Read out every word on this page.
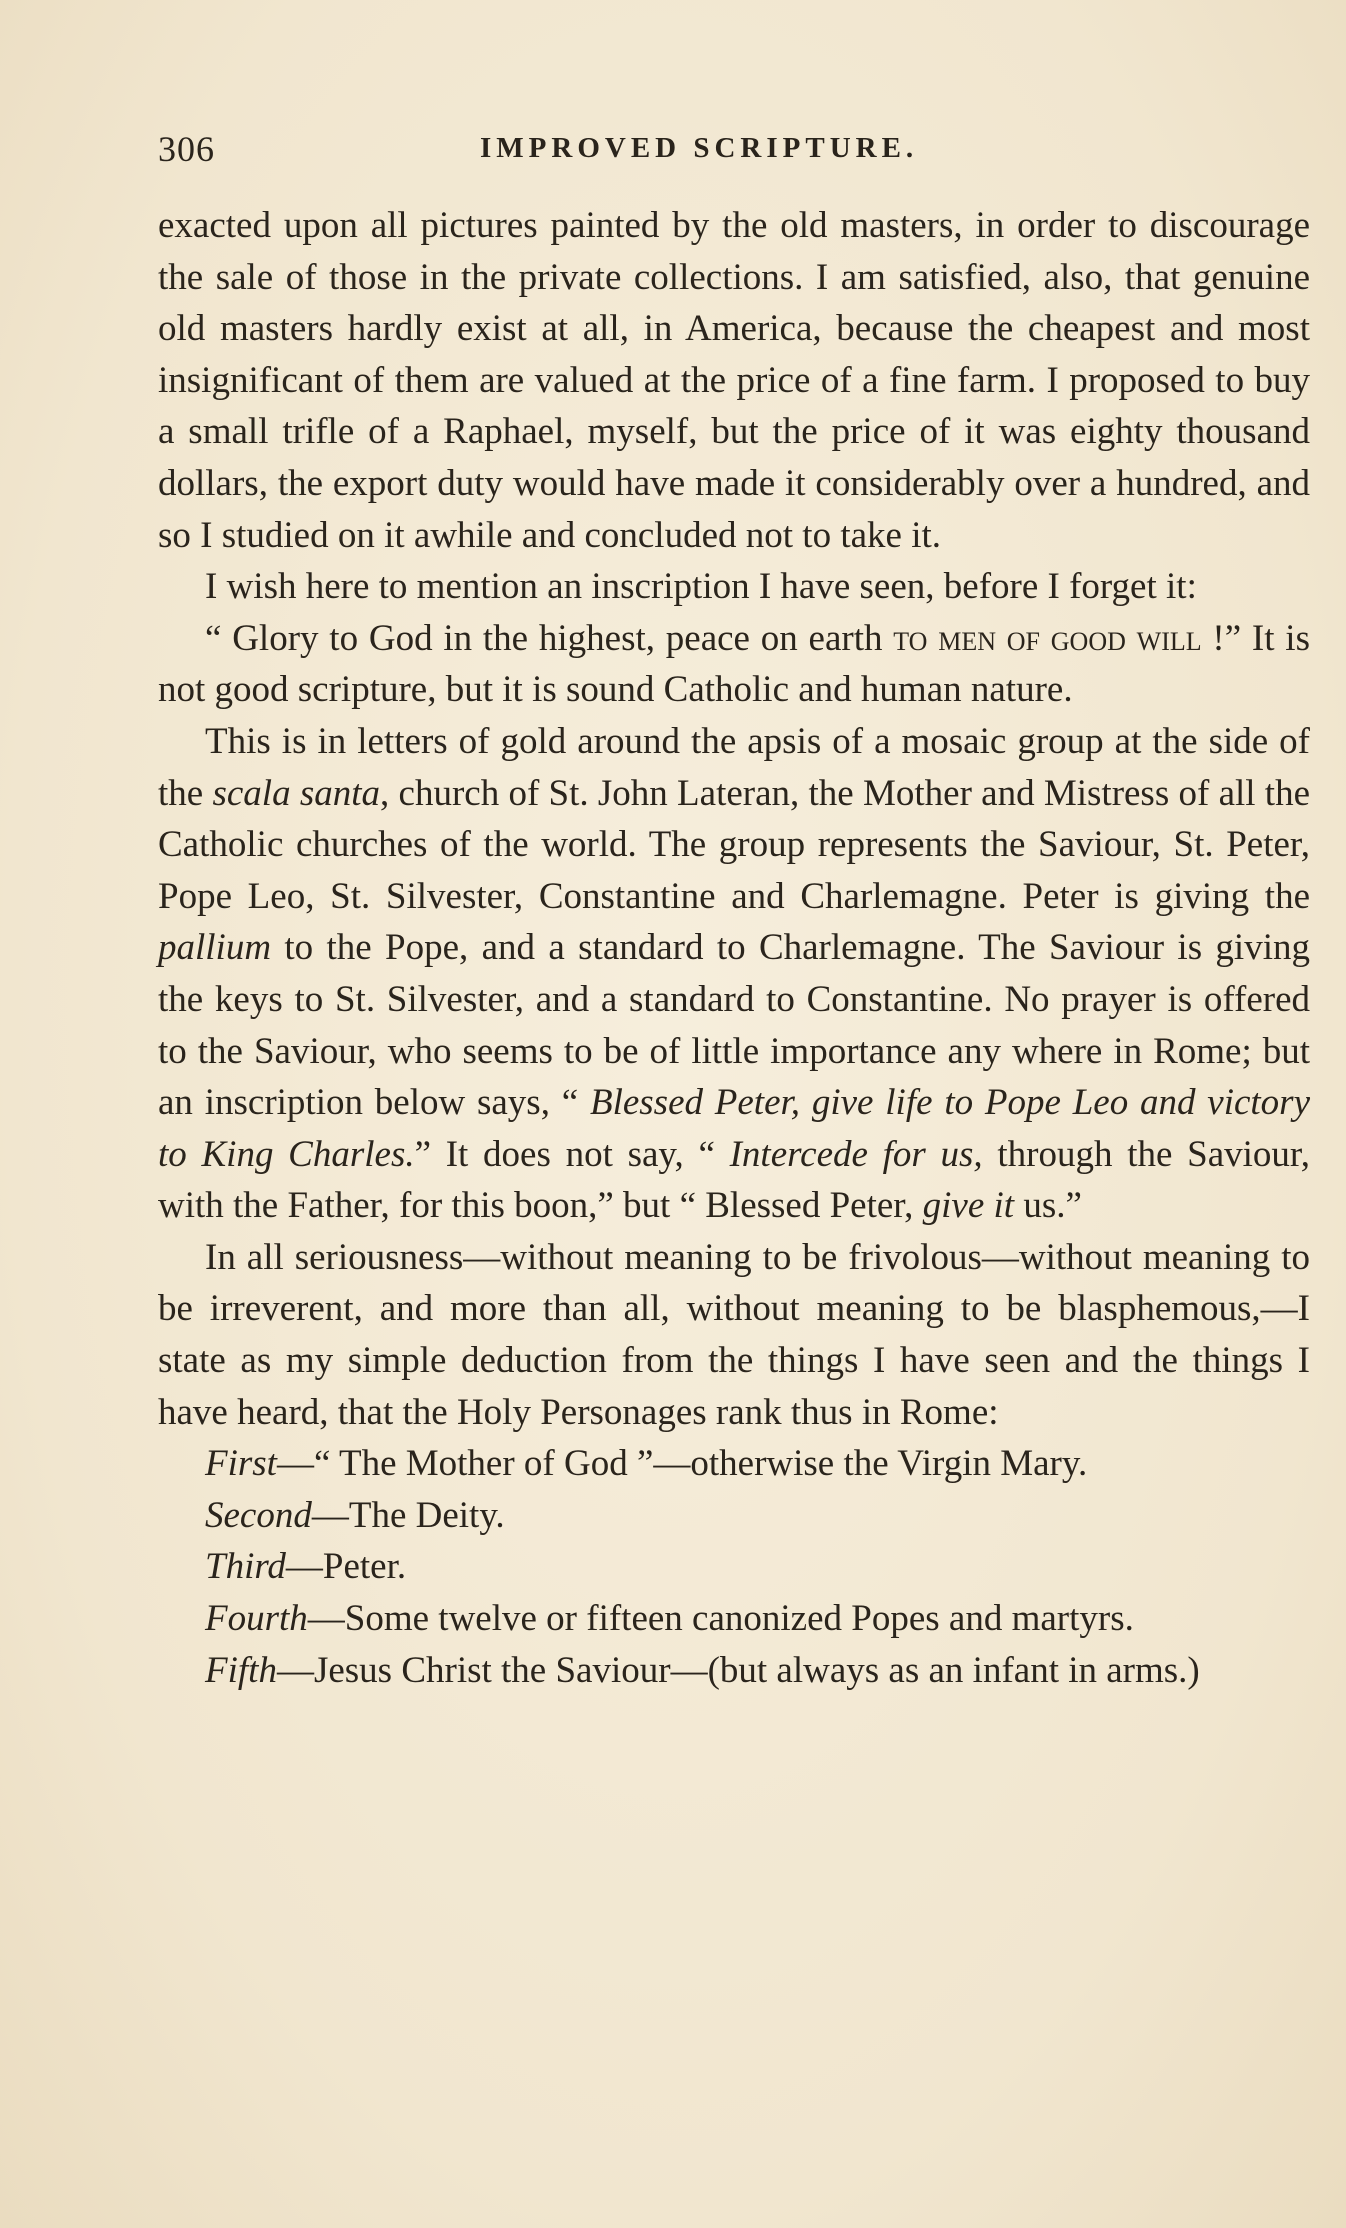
306	IMPROVED SCRIPTURE.

exacted upon all pictures painted by the old masters, in order to discourage the sale of those in the private collections. I am satisfied, also, that genuine old masters hardly exist at all, in America, because the cheapest and most insignificant of them are valued at the price of a fine farm. I proposed to buy a small trifle of a Raphael, myself, but the price of it was eighty thousand dollars, the export duty would have made it considerably over a hundred, and so I studied on it awhile and concluded not to take it.

I wish here to mention an inscription I have seen, before I forget it:

“ Glory to God in the highest, peace on earth to men of good will !” It is not good scripture, but it is sound Catholic and human nature.

This is in letters of gold around the apsis of a mosaic group at the side of the scala santa, church of St. John Lateran, the Mother and Mistress of all the Catholic churches of the world. The group represents the Saviour, St. Peter, Pope Leo, St. Silvester, Constantine and Charlemagne. Peter is giving the pallium to the Pope, and a standard to Charlemagne. The Saviour is giving the keys to St. Silvester, and a standard to Constantine. No prayer is offered to the Saviour, who seems to be of little importance any where in Rome; but an inscription below says, “ Blessed Peter, give life to Pope Leo and victory to King Charles.” It does not say, “ Intercede for us, through the Saviour, with the Father, for this boon,” but “ Blessed Peter, give it us.”

In all seriousness—without meaning to be frivolous—without meaning to be irreverent, and more than all, without meaning to be blasphemous,—I state as my simple deduction from the things I have seen and the things I have heard, that the Holy Personages rank thus in Rome:

First—“ The Mother of God ”—otherwise the Virgin Mary.

Second—The Deity.

Third—Peter.

Fourth—Some twelve or fifteen canonized Popes and martyrs.

Fifth—Jesus Christ the Saviour—(but always as an infant in arms.)
